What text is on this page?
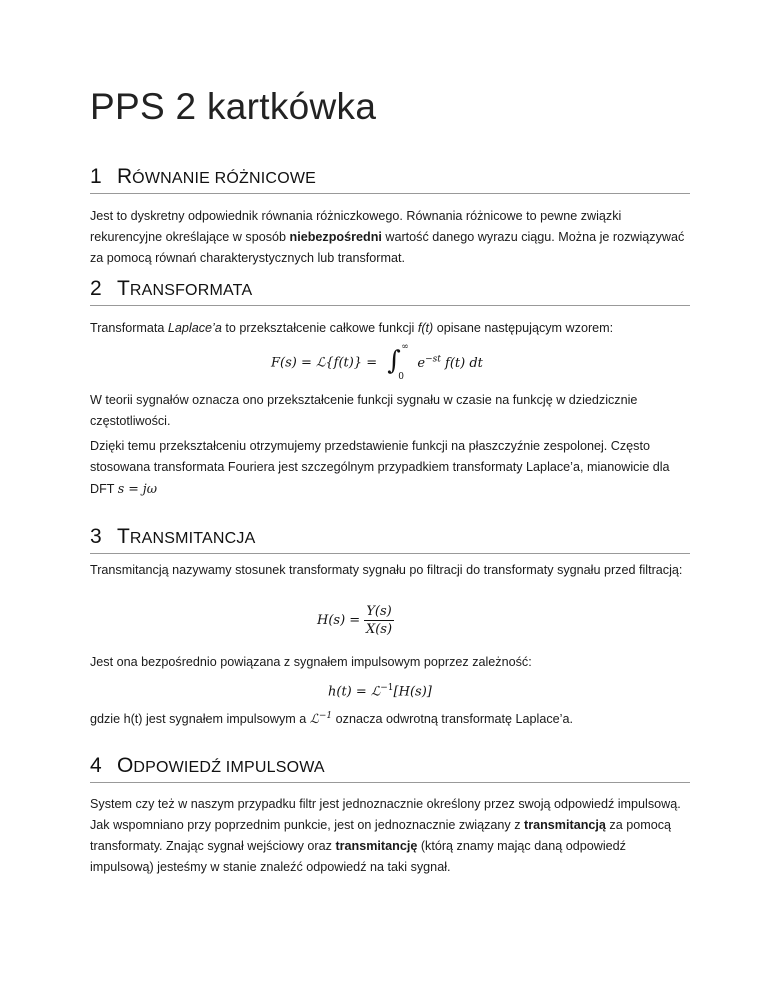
PPS 2 kartkówka
1 RÓWNANIE RÓŻNICOWE

Jest to dyskretny odpowiednik równania różniczkowego. Równania różnicowe to pewne związki rekurencyjne określające w sposób niebezpośredni wartość danego wyrazu ciągu. Można je rozwiązywać za pomocą równań charakterystycznych lub transformat.

2 TRANSFORMATA

Transformata Laplace’a to przekształcenie całkowe funkcji f(t) opisane następującym wzorem:

F(s) = ℒ{f(t)} = ∫ ∞
0
$e^{-st}$ f(t) dt

W teorii sygnałów oznacza ono przekształcenie funkcji sygnału w czasie na funkcję w dziedzicznie częstotliwości.

Dzięki temu przekształceniu otrzymujemy przedstawienie funkcji na płaszczyźnie zespolonej. Często stosowana transformata Fouriera jest szczególnym przypadkiem transformaty Laplace’a, mianowicie dla DFT s = jω

3 TRANSMITANCJA

Transmitancją nazywamy stosunek transformaty sygnału po filtracji do transformaty sygnału przed filtracją:

$H(s) = \frac{Y(s)}{X(s)}$

Jest ona bezpośrednio powiązana z sygnałem impulsowym poprzez zależność:

h(t) = ℒ$^{-1}$[H(s)]

gdzie h(t) jest sygnałem impulsowym a ℒ$^{-1}$ oznacza odwrotną transformatę Laplace’a.

4 ODPOWIEDŹ IMPULSOWA

System czy też w naszym przypadku filtr jest jednoznacznie określony przez swoją odpowiedź impulsową. Jak wspomniano przy poprzednim punkcie, jest on jednoznacznie związany z transmitancją za pomocą transformaty. Znając sygnał wejściowy oraz transmitancję (którą znamy mając daną odpowiedź impulsową) jesteśmy w stanie znaleźć odpowiedź na taki sygnał.
